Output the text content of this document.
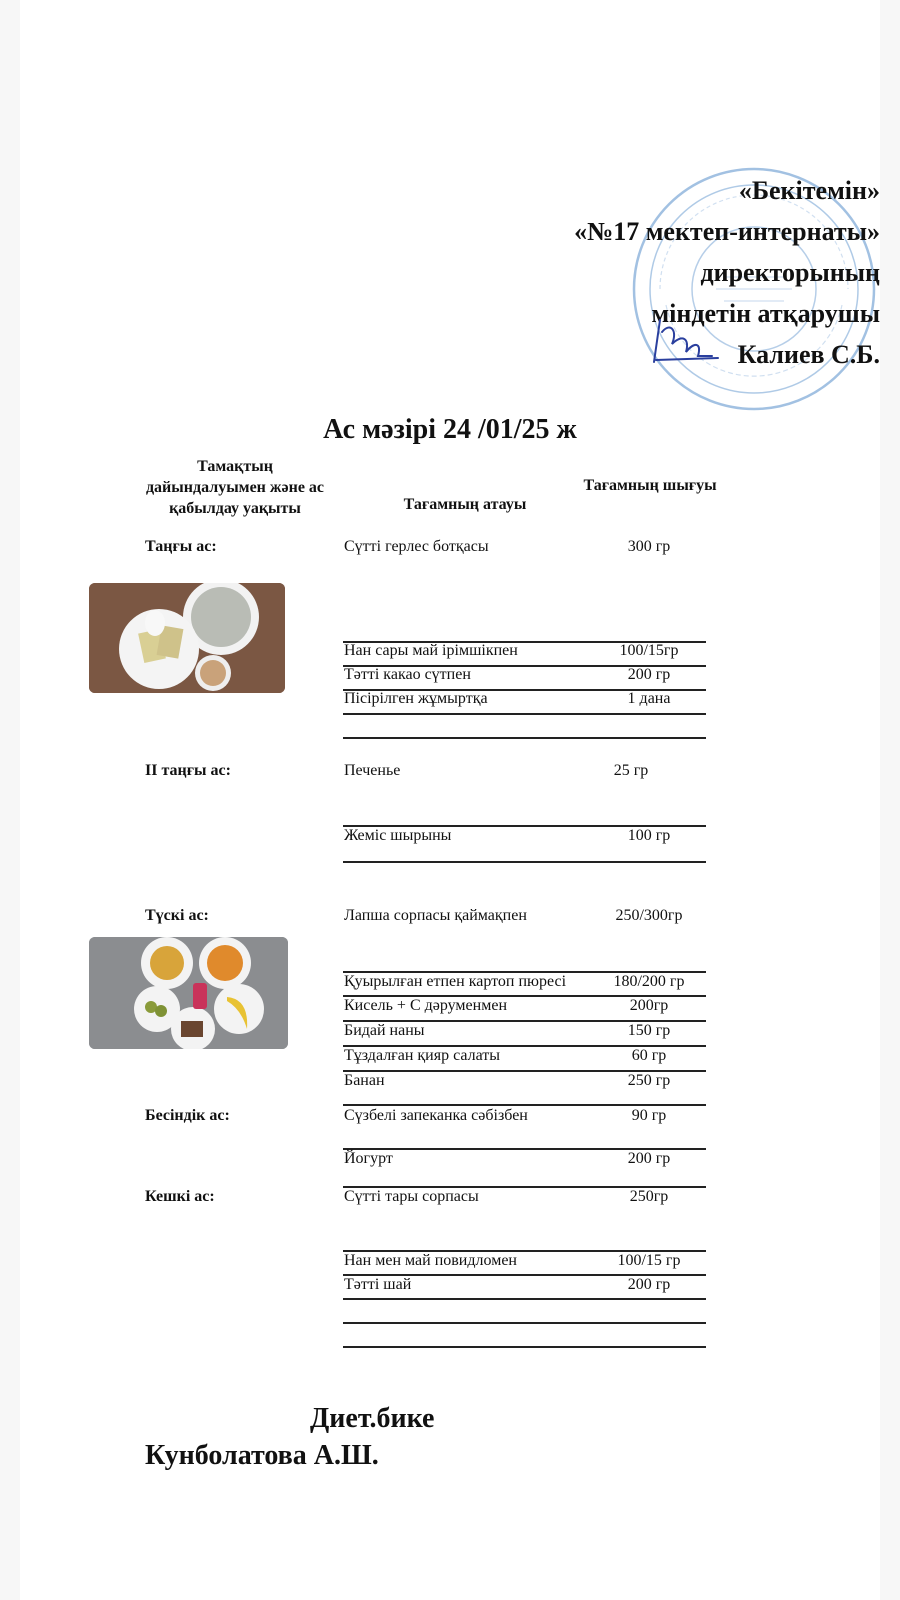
«Бекітемін»
«№17 мектеп-интернаты»
директорының
міндетін атқарушы
Калиев С.Б.
Ас мәзірі 24 /01/25 ж
Тамақтың дайындалуымен және ас қабылдау уақыты	Тағамның атауы
Тағамның шығуы
Таңғы ас:
ІІ таңғы ас:
Түскі ас:
Бесіндік ас:
Кешкі ас:
Сүтті герлес ботқасы
Нан сары май ірімшікпен
Тәтті какао сүтпен
Пісірілген жұмыртқа
Печенье
Жеміс шырыны
Лапша сорпасы қаймақпен
Қуырылған етпен картоп пюресі
Кисель + С дәруменмен
Бидай наны
Тұздалған қияр салаты
Банан
Сүзбелі запеканка сәбізбен
Йогурт
Сүтті тары сорпасы
Нан мен май повидломен
Тәтті шай
300 гр
100/15гр
200 гр
1 дана
25 гр
100 гр
250/300гр
180/200 гр
200гр
150 гр
60 гр
250 гр
90 гр
200 гр
250гр
100/15 гр
200 гр
Диет.бике
Кунболатова А.Ш.
